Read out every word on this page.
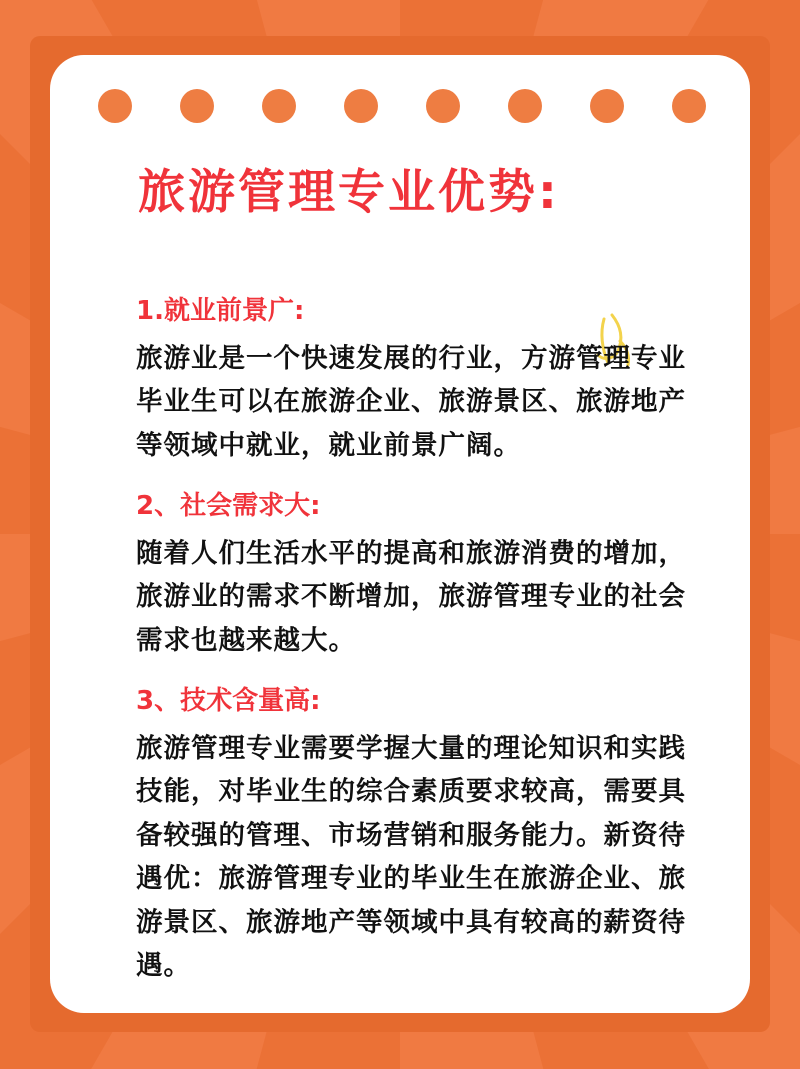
旅游管理专业优势:
1.就业前景广:

旅游业是一个快速发展的行业，方游管理专业毕业生可以在旅游企业、旅游景区、旅游地产等领域中就业，就业前景广阔。

2、社会需求大:

随着人们生活水平的提高和旅游消费的增加，旅游业的需求不断增加，旅游管理专业的社会需求也越来越大。

3、技术含量高:

旅游管理专业需要学握大量的理论知识和实践技能，对毕业生的综合素质要求较高，需要具备较强的管理、市场营销和服务能力。新资待遇优：旅游管理专业的毕业生在旅游企业、旅游景区、旅游地产等领域中具有较高的薪资待遇。
